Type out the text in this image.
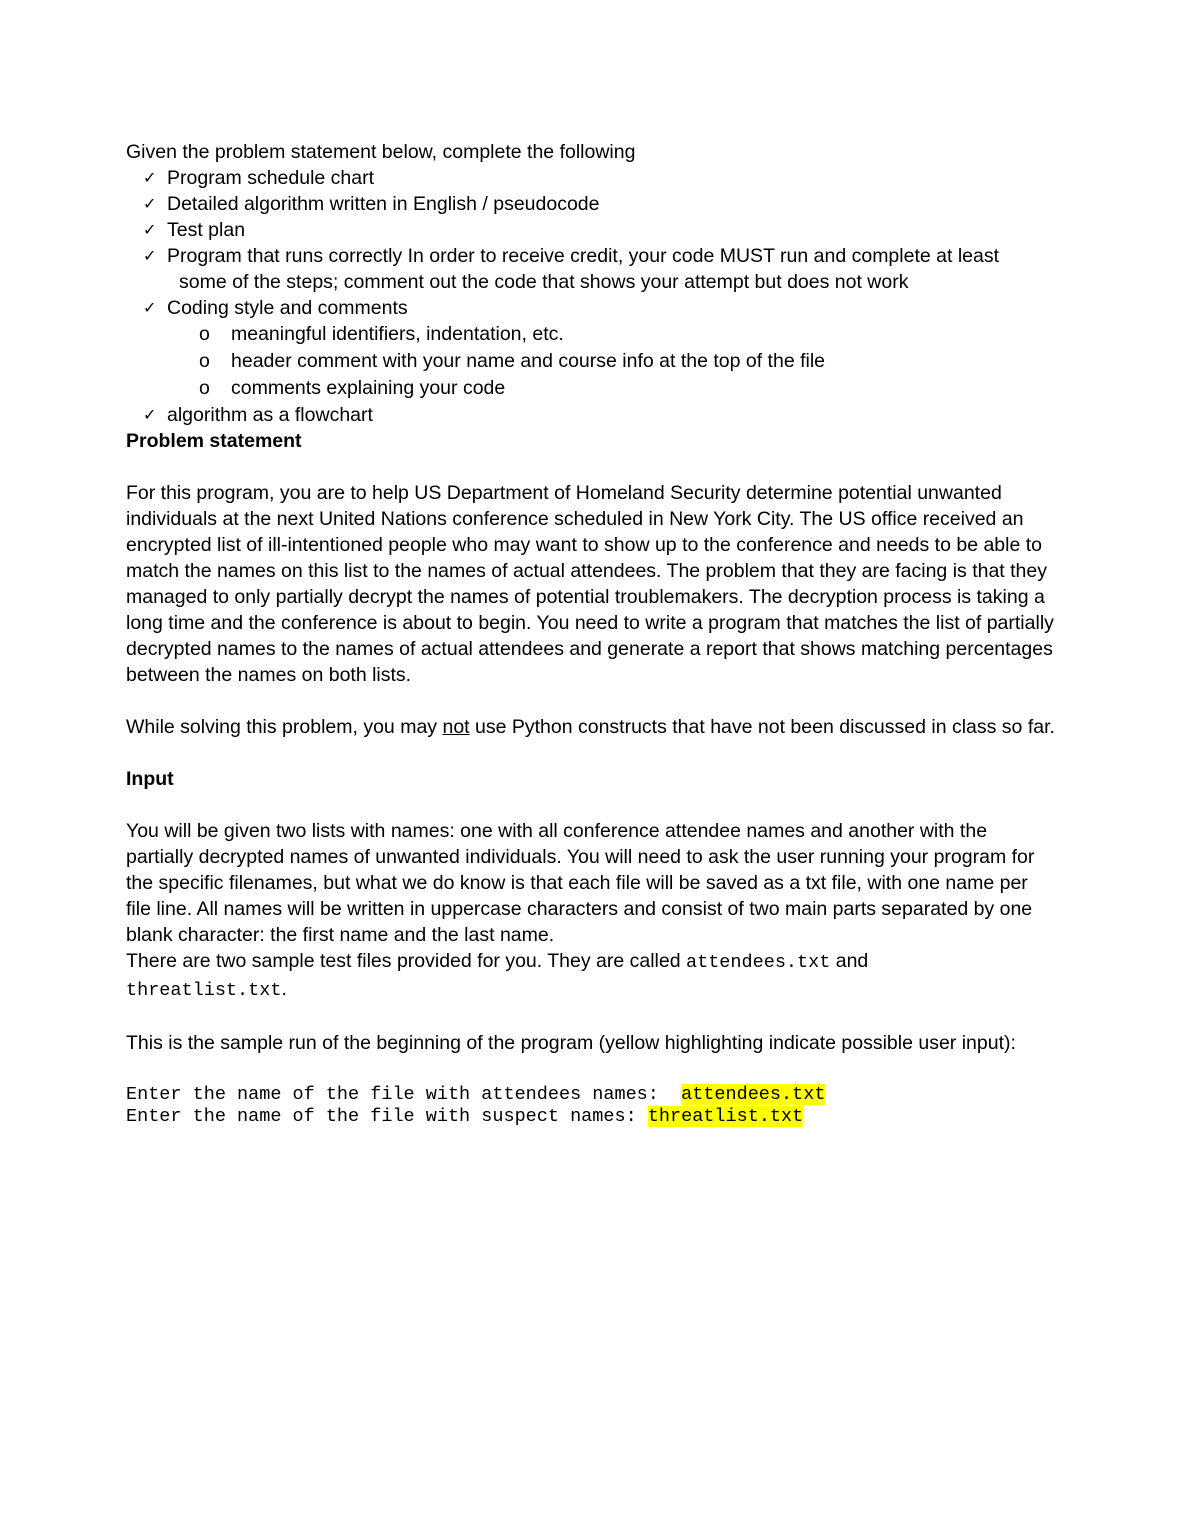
Given the problem statement below, complete the following

✓ Program schedule chart
✓ Detailed algorithm written in English / pseudocode
✓ Test plan
✓ Program that runs correctly In order to receive credit, your code MUST run and complete at least
some of the steps; comment out the code that shows your attempt but does not work
✓ Coding style and comments
o meaningful identifiers, indentation, etc.
o header comment with your name and course info at the top of the file
o comments explaining your code
✓ algorithm as a flowchart

Problem statement

For this program, you are to help US Department of Homeland Security determine potential unwanted individuals at the next United Nations conference scheduled in New York City. The US office received an encrypted list of ill-intentioned people who may want to show up to the conference and needs to be able to match the names on this list to the names of actual attendees. The problem that they are facing is that they managed to only partially decrypt the names of potential troublemakers. The decryption process is taking a long time and the conference is about to begin. You need to write a program that matches the list of partially decrypted names to the names of actual attendees and generate a report that shows matching percentages between the names on both lists.

While solving this problem, you may not use Python constructs that have not been discussed in class so far.

Input

You will be given two lists with names: one with all conference attendee names and another with the partially decrypted names of unwanted individuals. You will need to ask the user running your program for the specific filenames, but what we do know is that each file will be saved as a txt file, with one name per file line. All names will be written in uppercase characters and consist of two main parts separated by one blank character: the first name and the last name.

There are two sample test files provided for you. They are called attendees.txt and
threatlist.txt.

This is the sample run of the beginning of the program (yellow highlighting indicate possible user input):

Enter the name of the file with attendees names:  attendees.txt

Enter the name of the file with suspect names: threatlist.txt
